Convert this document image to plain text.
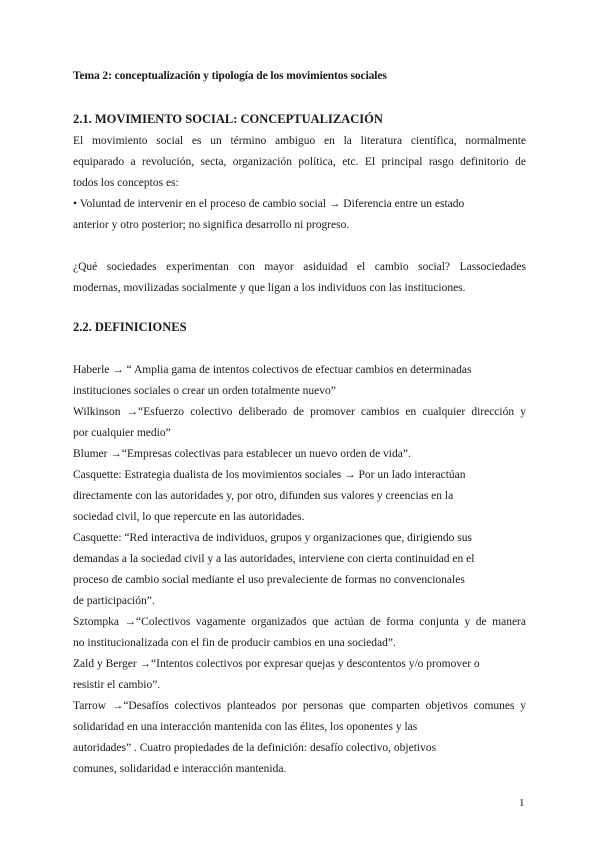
Tema 2: conceptualización y tipología de los movimientos sociales
2.1. MOVIMIENTO SOCIAL: CONCEPTUALIZACIÓN
El movimiento social es un término ambiguo en la literatura científica, normalmente
equiparado a revolución, secta, organización política, etc. El principal rasgo definitorio de
todos los conceptos es:
• Voluntad de intervenir en el proceso de cambio social → Diferencia entre un estado
anterior y otro posterior; no significa desarrollo ni progreso.
¿Qué sociedades experimentan con mayor asiduidad el cambio social? Lassociedades
modernas, movilizadas socialmente y que ligan a los individuos con las instituciones.
2.2. DEFINICIONES
Haberle → “ Amplia gama de intentos colectivos de efectuar cambios en determinadas
instituciones sociales o crear un orden totalmente nuevo”
Wilkinson →“Esfuerzo colectivo deliberado de promover cambios en cualquier dirección y
por cualquier medio”
Blumer →“Empresas colectivas para establecer un nuevo orden de vida”.
Casquette: Estrategia dualista de los movimientos sociales → Por un lado interactúan
directamente con las autoridades y, por otro, difunden sus valores y creencias en la
sociedad civil, lo que repercute en las autoridades.
Casquette: “Red interactiva de individuos, grupos y organizaciones que, dirigiendo sus
demandas a la sociedad civil y a las autoridades, interviene con cierta continuidad en el
proceso de cambio social mediante el uso prevaleciente de formas no convencionales
de participación”.
Sztompka →“Colectivos vagamente organizados que actúan de forma conjunta y de manera
no institucionalizada con el fin de producir cambios en una sociedad”.
Zald y Berger →“Intentos colectivos por expresar quejas y descontentos y/o promover o
resistir el cambio”.
Tarrow →“Desafíos colectivos planteados por personas que comparten objetivos comunes y
solidaridad en una interacción mantenida con las élites, los oponentes y las
autoridades” . Cuatro propiedades de la definición: desafío colectivo, objetivos
comunes, solidaridad e interacción mantenida.
1
